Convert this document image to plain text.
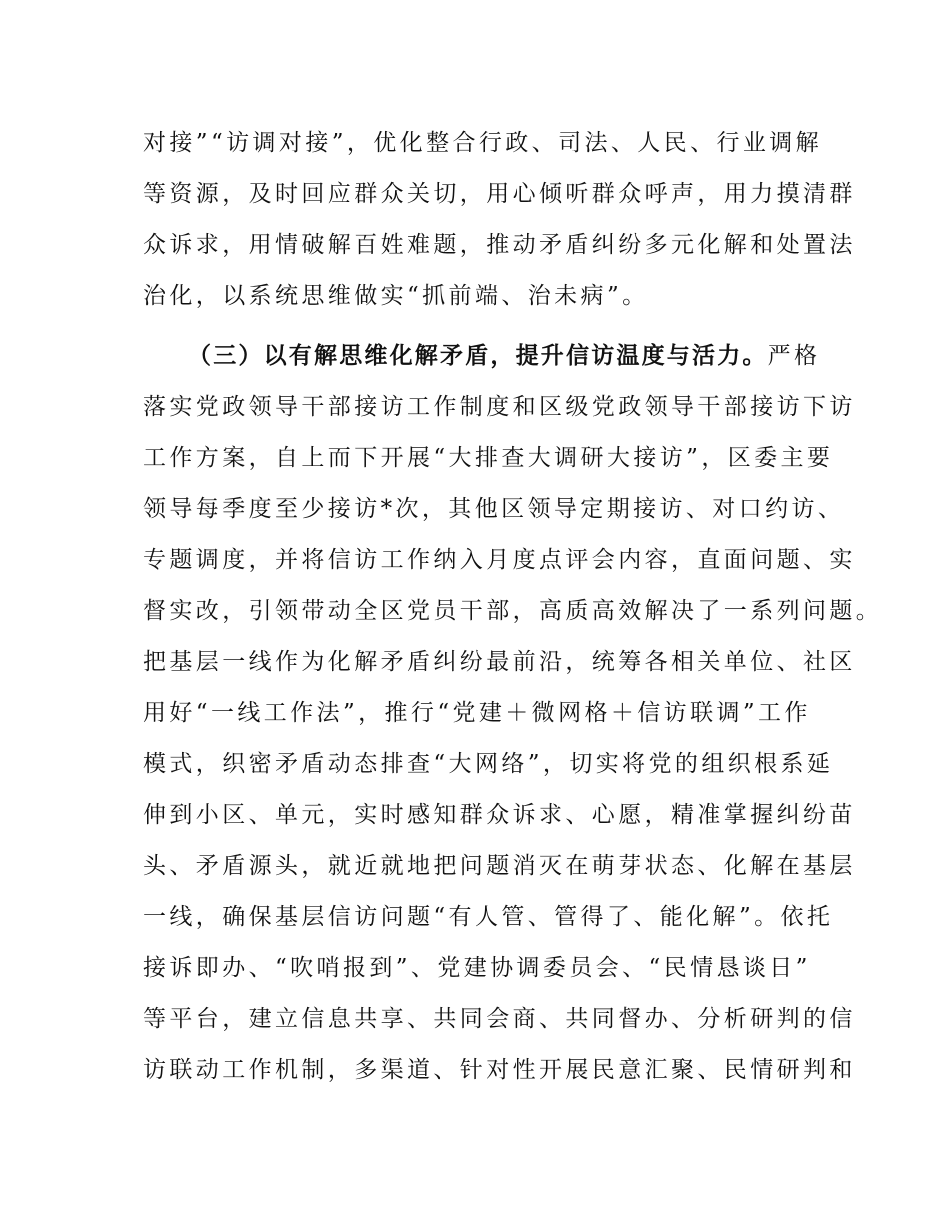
对接”“访调对接”，优化整合行政、司法、人民、行业调解
等资源，及时回应群众关切，用心倾听群众呼声，用力摸清群
众诉求，用情破解百姓难题，推动矛盾纠纷多元化解和处置法
治化，以系统思维做实“抓前端、治未病”。
（三）以有解思维化解矛盾，提升信访温度与活力。严格
落实党政领导干部接访工作制度和区级党政领导干部接访下访
工作方案，自上而下开展“大排查大调研大接访”，区委主要
领导每季度至少接访*次，其他区领导定期接访、对口约访、
专题调度，并将信访工作纳入月度点评会内容，直面问题、实
督实改，引领带动全区党员干部，高质高效解决了一系列问题。
把基层一线作为化解矛盾纠纷最前沿，统筹各相关单位、社区
用好“一线工作法”，推行“党建＋微网格＋信访联调”工作
模式，织密矛盾动态排查“大网络”，切实将党的组织根系延
伸到小区、单元，实时感知群众诉求、心愿，精准掌握纠纷苗
头、矛盾源头，就近就地把问题消灭在萌芽状态、化解在基层
一线，确保基层信访问题“有人管、管得了、能化解”。依托
接诉即办、“吹哨报到”、党建协调委员会、“民情恳谈日”
等平台，建立信息共享、共同会商、共同督办、分析研判的信
访联动工作机制，多渠道、针对性开展民意汇聚、民情研判和
